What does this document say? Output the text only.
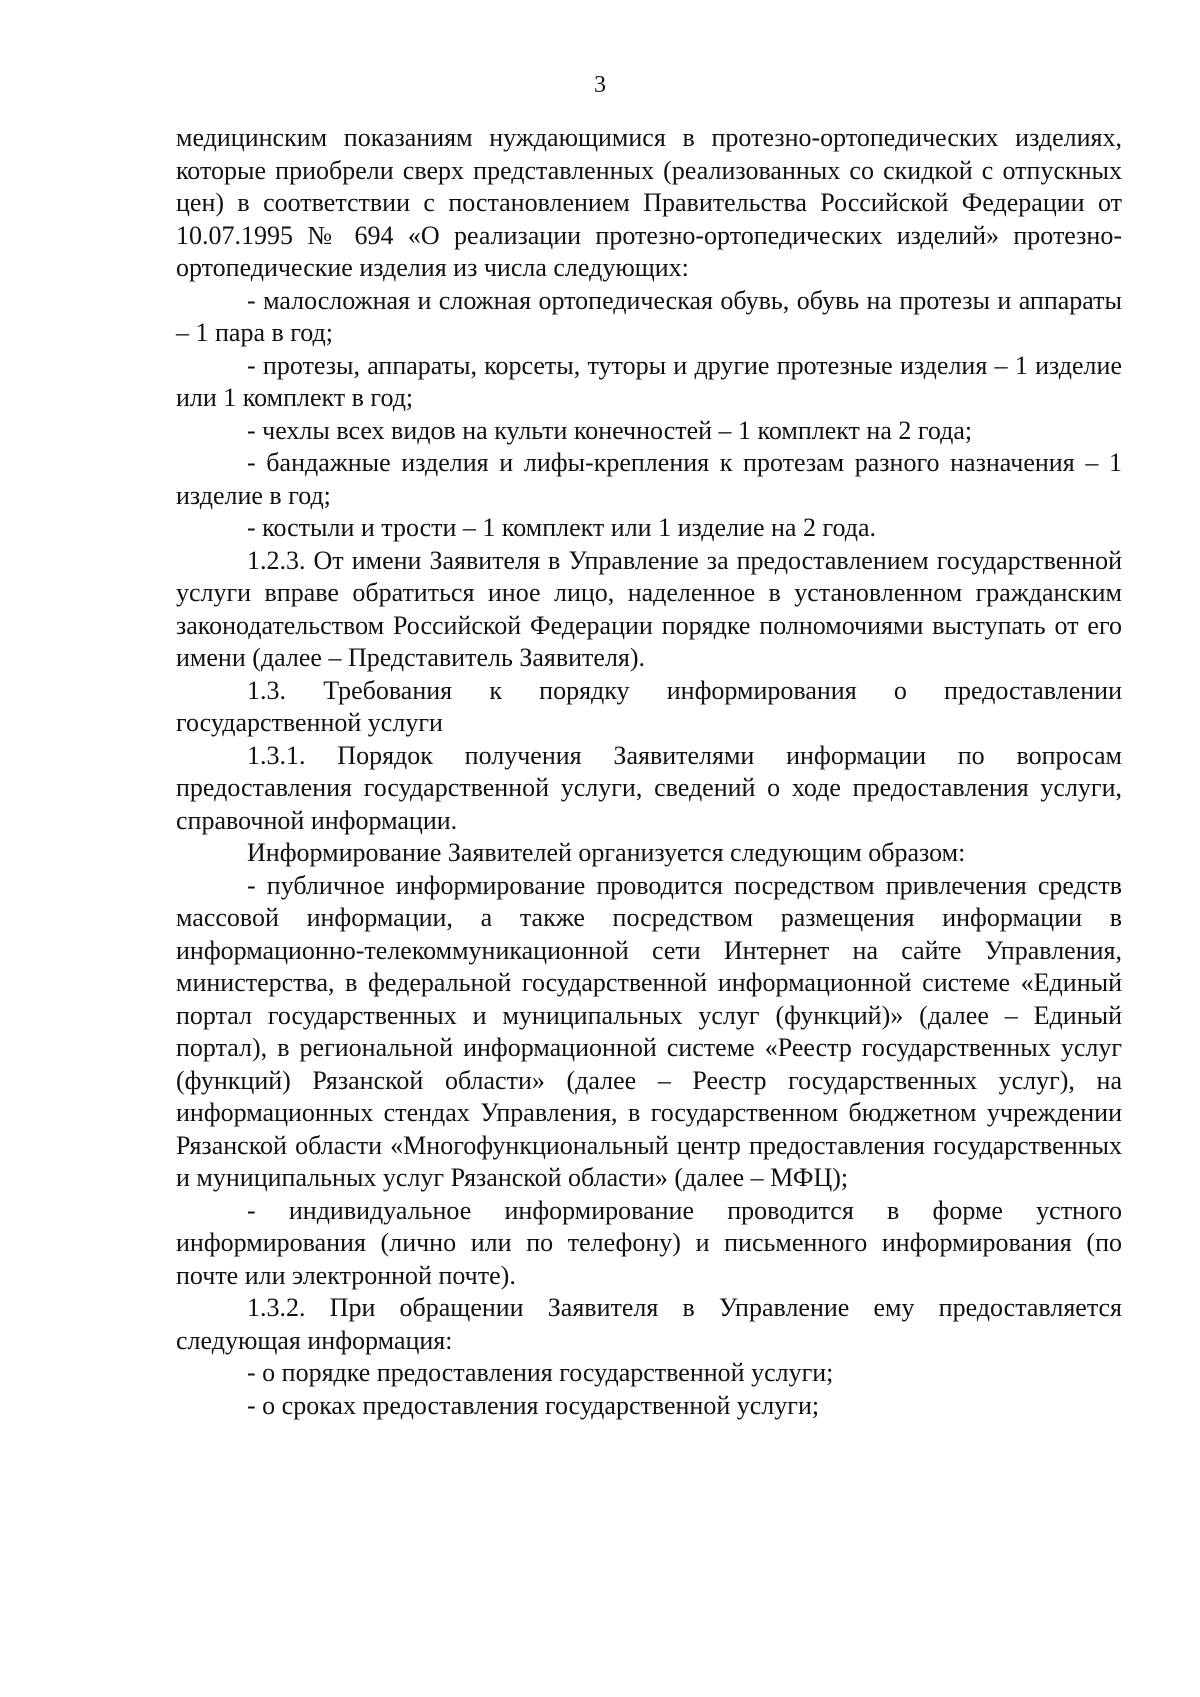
3

медицинским показаниям нуждающимися в протезно-ортопедических изделиях, которые приобрели сверх представленных (реализованных со скидкой с отпускных цен) в соответствии с постановлением Правительства Российской Федерации от 10.07.1995 № 694 «О реализации протезно-ортопедических изделий» протезно-ортопедические изделия из числа следующих:

- малосложная и сложная ортопедическая обувь, обувь на протезы и аппараты – 1 пара в год;

- протезы, аппараты, корсеты, туторы и другие протезные изделия – 1 изделие или 1 комплект в год;

- чехлы всех видов на культи конечностей – 1 комплект на 2 года;

- бандажные изделия и лифы-крепления к протезам разного назначения – 1 изделие в год;

- костыли и трости – 1 комплект или 1 изделие на 2 года.

1.2.3. От имени Заявителя в Управление за предоставлением государственной услуги вправе обратиться иное лицо, наделенное в установленном гражданским законодательством Российской Федерации порядке полномочиями выступать от его имени (далее – Представитель Заявителя).

1.3. Требования к порядку информирования о предоставлении государственной услуги

1.3.1. Порядок получения Заявителями информации по вопросам предоставления государственной услуги, сведений о ходе предоставления услуги, справочной информации.

Информирование Заявителей организуется следующим образом:

- публичное информирование проводится посредством привлечения средств массовой информации, а также посредством размещения информации в информационно-телекоммуникационной сети Интернет на сайте Управления, министерства, в федеральной государственной информационной системе «Единый портал государственных и муниципальных услуг (функций)» (далее – Единый портал), в региональной информационной системе «Реестр государственных услуг (функций) Рязанской области» (далее – Реестр государственных услуг), на информационных стендах Управления, в государственном бюджетном учреждении Рязанской области «Многофункциональный центр предоставления государственных и муниципальных услуг Рязанской области» (далее – МФЦ);

- индивидуальное информирование проводится в форме устного информирования (лично или по телефону) и письменного информирования (по почте или электронной почте).

1.3.2. При обращении Заявителя в Управление ему предоставляется следующая информация:

- о порядке предоставления государственной услуги;

- о сроках предоставления государственной услуги;
